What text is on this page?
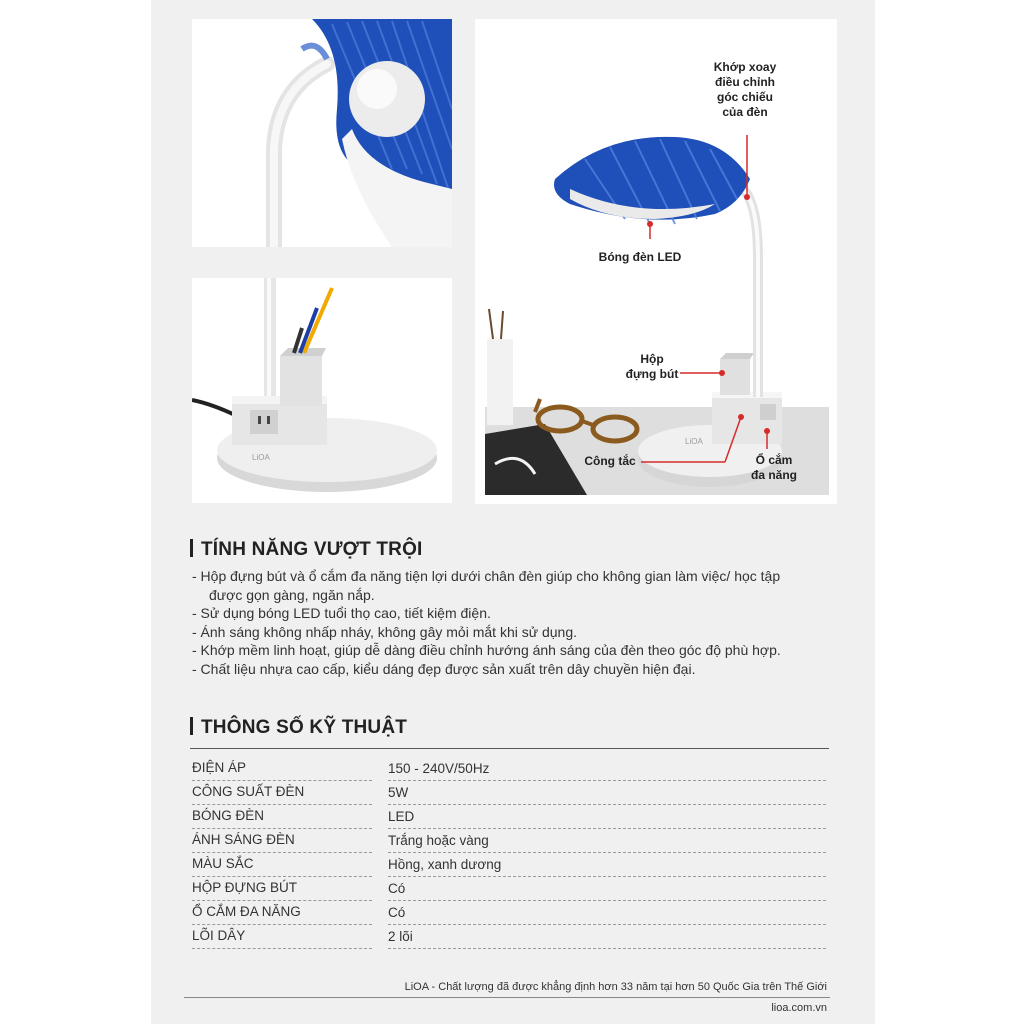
LiOA
LiOA
Khớp xoay
điều chỉnh
góc chiếu
của đèn
Bóng đèn LED
Hộp
đựng bút
Công tắc	Ổ cắm
đa năng
TÍNH NĂNG VƯỢT TRỘI
- Hộp đựng bút và ổ cắm đa năng tiện lợi dưới chân đèn giúp cho không gian làm việc/ học tập
được gọn gàng, ngăn nắp.
- Sử dụng bóng LED tuổi thọ cao, tiết kiệm điện.
- Ánh sáng không nhấp nháy, không gây mỏi mắt khi sử dụng.
- Khớp mềm linh hoạt, giúp dễ dàng điều chỉnh hướng ánh sáng của đèn theo góc độ phù hợp.
- Chất liệu nhựa cao cấp, kiểu dáng đẹp được sản xuất trên dây chuyền hiện đại.
THÔNG SỐ KỸ THUẬT
ĐIỆN ÁP	150 - 240V/50Hz
CÔNG SUẤT ĐÈN	5W
BÓNG ĐÈN	LED
ÁNH SÁNG ĐÈN	Trắng hoặc vàng
MÀU SẮC	Hồng, xanh dương
HỘP ĐỰNG BÚT	Có
Ổ CẮM ĐA NĂNG	Có
LÕI DÂY	2 lõi
LiOA - Chất lượng đã được khẳng định hơn 33 năm tại hơn 50 Quốc Gia trên Thế Giới
lioa.com.vn
